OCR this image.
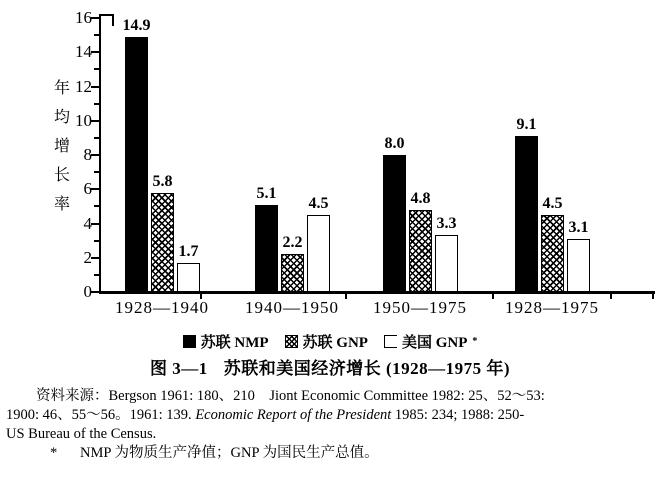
0
2
4
6
8
10
12
14
16
年
均
增
长
率
14.9
5.8
1.7
1928—1940
5.1
2.2
4.5
1940—1950
8.0
4.8
3.3
1950—1975
9.1
4.5
3.1
1928—1975
苏联 NMP 苏联 GNP 美国 GNP *
图 3—1 苏联和美国经济增长 (1928—1975 年)
资料来源：Bergson 1961: 180、210　Jiont Economic Committee 1982: 25、52～53:
1900: 46、55～56。1961: 139. Economic Report of the President 1985: 234; 1988: 250-
US Bureau of the Census.
* NMP 为物质生产净值；GNP 为国民生产总值。
